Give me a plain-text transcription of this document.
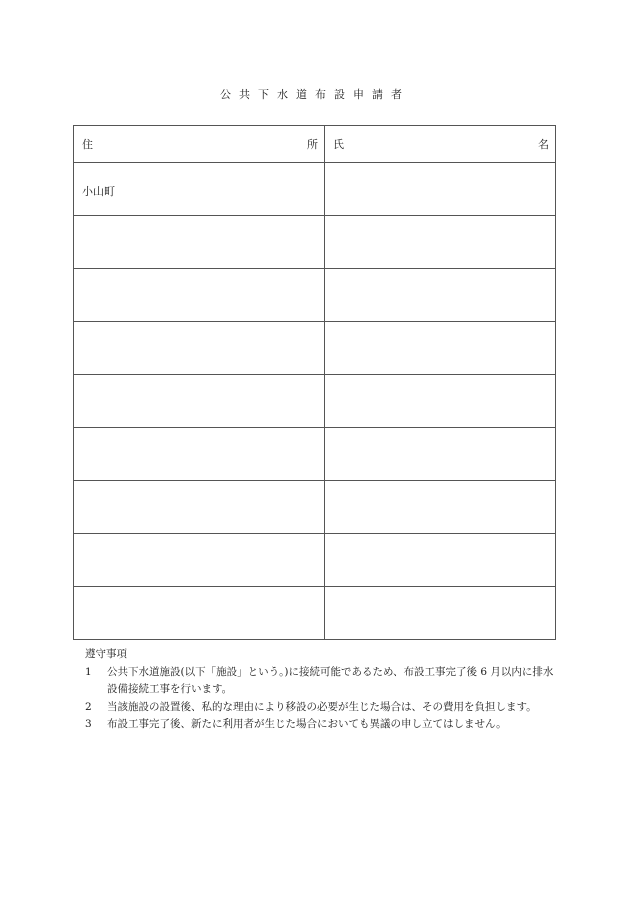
公共下水道布設申請者
住 所	氏 名

小山町	

遵守事項
1	公共下水道施設(以下「施設」という。)に接続可能であるため、布設工事完了後 6 月以内に排水設備接続工事を行います。
2	当該施設の設置後、私的な理由により移設の必要が生じた場合は、その費用を負担します。
3	布設工事完了後、新たに利用者が生じた場合においても異議の申し立てはしません。
